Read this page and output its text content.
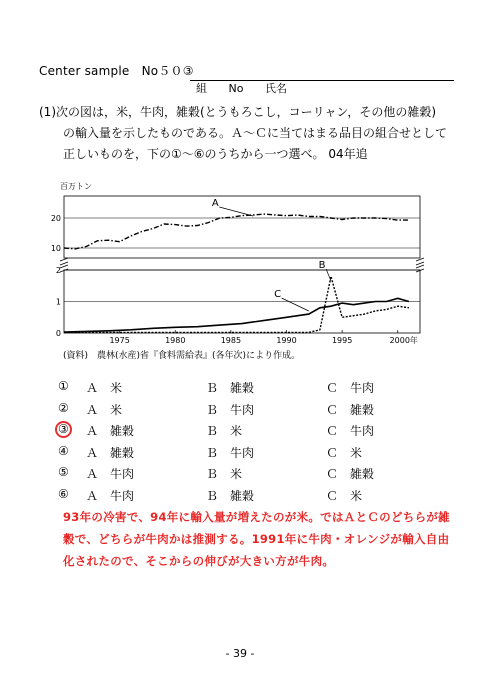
Center sample　No５０③
組 No 氏名
(1)次の図は，米，牛肉，雑穀(とうもろこし，コーリャン，その他の雑穀)
の輸入量を示したものである。Ａ～Ｃに当てはまる品目の組合せとして
正しいものを，下の①～⑥のうちから一つ選べ。 04年追
百万トン
20
10
2
1
0
1975	1980	1985	1990	1995	2000年
A
B
C
(資料)　農林(水産)省『食料需給表』(各年次)により作成。
① Ａ　米	Ｂ　雑穀	Ｃ　牛肉
② Ａ　米	Ｂ　牛肉	Ｃ　雑穀
③ Ａ　雑穀	Ｂ　米	Ｃ　牛肉
④ Ａ　雑穀	Ｂ　牛肉	Ｃ　米
⑤ Ａ　牛肉	Ｂ　米	Ｃ　雑穀
⑥ Ａ　牛肉	Ｂ　雑穀	Ｃ　米
93年の冷害で、94年に輸入量が増えたのが米。ではＡとＣのどちらが雑
穀で、どちらが牛肉かは推測する。1991年に牛肉・オレンジが輸入自由
化されたので、そこからの伸びが大きい方が牛肉。
- 39 -
